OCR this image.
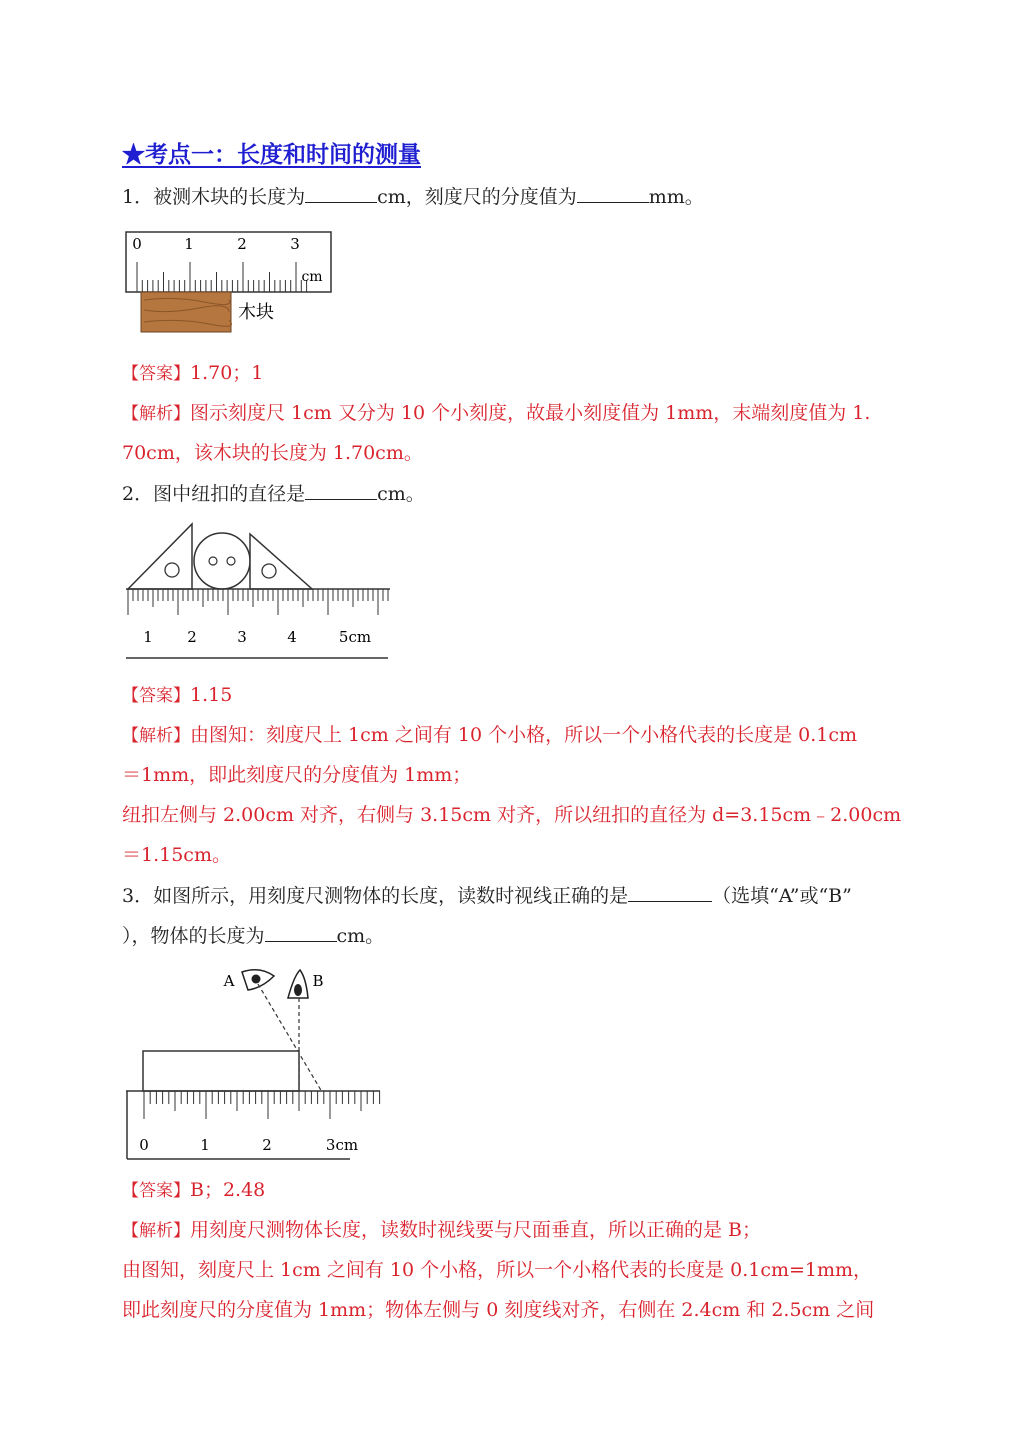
★考点一：长度和时间的测量
1．被测木块的长度为	cm，刻度尺的分度值为	mm。
0	1	2	3
cm
木块
【答案】1.70；1
【解析】图示刻度尺 1cm 又分为 10 个小刻度，故最小刻度值为 1mm，末端刻度值为 1.
70cm，该木块的长度为 1.70cm。
2．图中纽扣的直径是	cm。
1 2	3	4	5cm
【答案】1.15
【解析】由图知：刻度尺上 1cm 之间有 10 个小格，所以一个小格代表的长度是 0.1cm
＝1mm，即此刻度尺的分度值为 1mm；
纽扣左侧与 2.00cm 对齐，右侧与 3.15cm 对齐，所以纽扣的直径为 d=3.15cm﹣2.00cm
＝1.15cm。
3．如图所示，用刻度尺测物体的长度，读数时视线正确的是	（选填“A”或“B”
），物体的长度为	cm。
A	B
0	1	2	3cm
【答案】B；2.48
【解析】用刻度尺测物体长度，读数时视线要与尺面垂直，所以正确的是 B；
由图知，刻度尺上 1cm 之间有 10 个小格，所以一个小格代表的长度是 0.1cm=1mm，
即此刻度尺的分度值为 1mm；物体左侧与 0 刻度线对齐，右侧在 2.4cm 和 2.5cm 之间
